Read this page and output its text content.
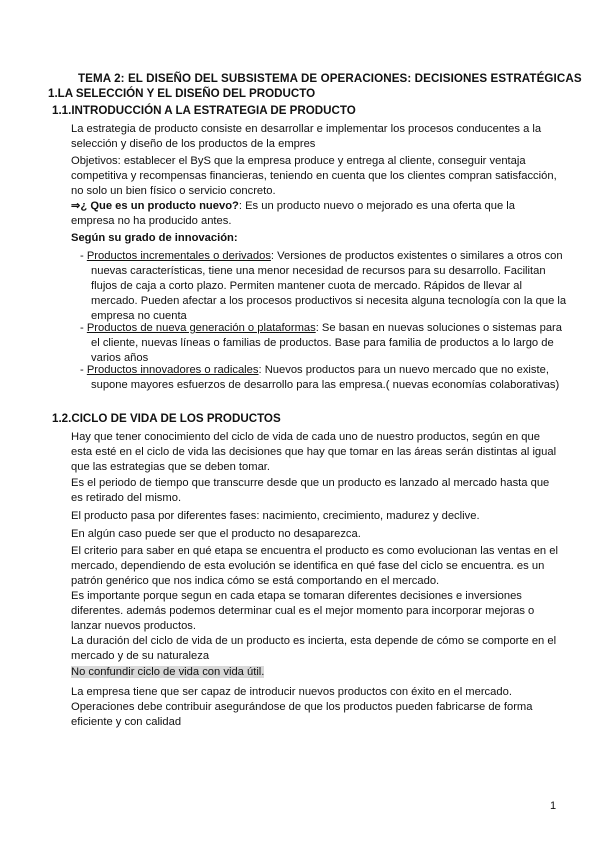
TEMA 2: EL DISEÑO DEL SUBSISTEMA DE OPERACIONES: DECISIONES ESTRATÉGICAS
1.LA SELECCIÓN Y EL DISEÑO DEL PRODUCTO
1.1.INTRODUCCIÓN A LA ESTRATEGIA DE PRODUCTO

La estrategia de producto consiste en desarrollar e implementar los procesos conducentes a la selección y diseño de los productos de la empres

Objetivos: establecer el ByS que la empresa produce y entrega al cliente, conseguir ventaja competitiva y recompensas financieras, teniendo en cuenta que los clientes compran satisfacción, no solo un bien físico o servicio concreto.

⇒¿ Que es un producto nuevo?: Es un producto nuevo o mejorado es una oferta que la empresa no ha producido antes.

Según su grado de innovación:
- Productos incrementales o derivados: Versiones de productos existentes o similares a otros con nuevas características, tiene una menor necesidad de recursos para su desarrollo. Facilitan flujos de caja a corto plazo. Permiten mantener cuota de mercado. Rápidos de llevar al mercado. Pueden afectar a los procesos productivos si necesita alguna tecnología con la que la empresa no cuenta
- Productos de nueva generación o plataformas: Se basan en nuevas soluciones o sistemas para el cliente, nuevas líneas o familias de productos. Base para familia de productos a lo largo de varios años
- Productos innovadores o radicales: Nuevos productos para un nuevo mercado que no existe, supone mayores esfuerzos de desarrollo para las empresa.( nuevas economías colaborativas)
1.2.CICLO DE VIDA DE LOS PRODUCTOS

Hay que tener conocimiento del ciclo de vida de cada uno de nuestro productos, según en que esta esté en el ciclo de vida las decisiones que hay que tomar en las áreas serán distintas al igual que las estrategias que se deben tomar.

Es el periodo de tiempo que transcurre desde que un producto es lanzado al mercado hasta que es retirado del mismo.

El producto pasa por diferentes fases: nacimiento, crecimiento, madurez y declive.

En algún caso puede ser que el producto no desaparezca.

El criterio para saber en qué etapa se encuentra el producto es como evolucionan las ventas en el mercado, dependiendo de esta evolución se identifica en qué fase del ciclo se encuentra. es un patrón genérico que nos indica cómo se está comportando en el mercado.

Es importante porque segun en cada etapa se tomaran diferentes decisiones e inversiones diferentes. además podemos determinar cual es el mejor momento para incorporar mejoras o lanzar nuevos productos.

La duración del ciclo de vida de un producto es incierta, esta depende de cómo se comporte en el mercado y de su naturaleza

No confundir ciclo de vida con vida útil.

La empresa tiene que ser capaz de introducir nuevos productos con éxito en el mercado. Operaciones debe contribuir asegurándose de que los productos pueden fabricarse de forma eficiente y con calidad

1
